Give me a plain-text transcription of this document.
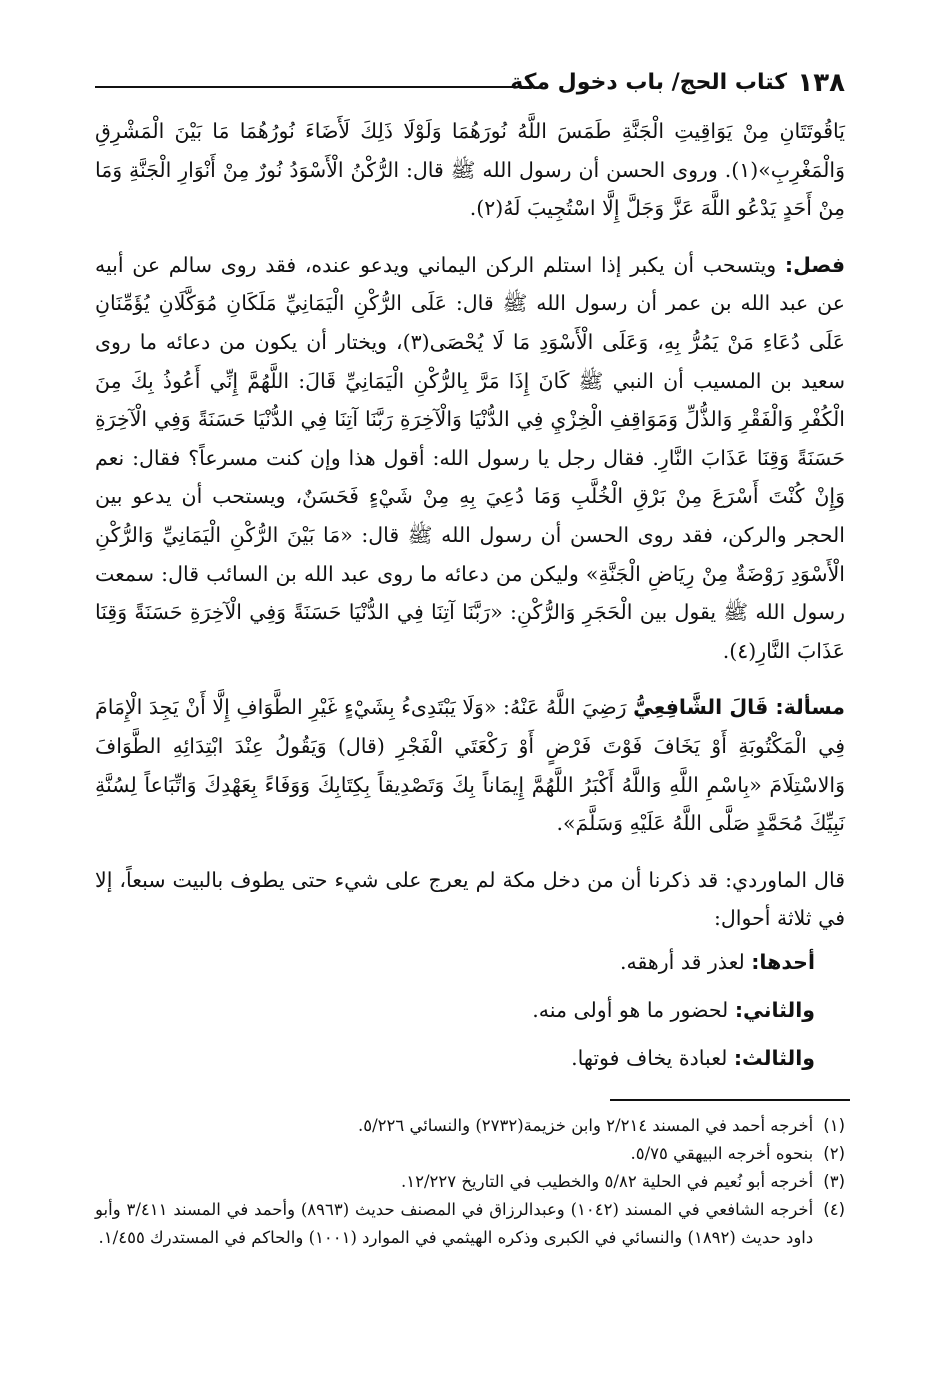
١٣٨
كتاب الحج/ باب دخول مكة

يَاقُوتَتَانِ مِنْ يَوَاقِيتِ الْجَنَّةِ طَمَسَ اللَّهُ نُورَهُمَا وَلَوْلَا ذَلِكَ لَأَضَاءَ نُورُهُمَا مَا بَيْنَ الْمَشْرِقِ وَالْمَغْرِبِ»(١). وروى الحسن أن رسول الله ﷺ قال: الرُّكْنُ الْأَسْوَدُ نُورٌ مِنْ أَنْوَارِ الْجَنَّةِ وَمَا مِنْ أَحَدٍ يَدْعُو اللَّهَ عَزَّ وَجَلَّ إِلَّا اسْتُجِيبَ لَهُ(٢).

فصل: ويتسحب أن يكبر إذا استلم الركن اليماني ويدعو عنده، فقد روى سالم عن أبيه عن عبد الله بن عمر أن رسول الله ﷺ قال: عَلَى الرُّكْنِ الْيَمَانِيِّ مَلَكَانِ مُوَكَّلَانِ يُؤَمِّنَانِ عَلَى دُعَاءِ مَنْ يَمُرُّ بِهِ، وَعَلَى الْأَسْوَدِ مَا لَا يُحْصَى(٣)، ويختار أن يكون من دعائه ما روى سعيد بن المسيب أن النبي ﷺ كَانَ إِذَا مَرَّ بِالرُّكْنِ الْيَمَانِيِّ قَالَ: اللَّهُمَّ إِنِّي أَعُوذُ بِكَ مِنَ الْكُفْرِ وَالْفَقْرِ وَالذُّلِّ وَمَوَاقِفِ الْخِزْيِ فِي الدُّنْيَا وَالْآخِرَةِ رَبَّنَا آتِنَا فِي الدُّنْيَا حَسَنَةً وَفِي الْآخِرَةِ حَسَنَةً وَقِنَا عَذَابَ النَّارِ. فقال رجل يا رسول الله: أقول هذا وإن كنت مسرعاً؟ فقال: نعم وَإِنْ كُنْتَ أَسْرَعَ مِنْ بَرْقِ الْخُلَّبِ وَمَا دُعِيَ بِهِ مِنْ شَيْءٍ فَحَسَنٌ، ويستحب أن يدعو بين الحجر والركن، فقد روى الحسن أن رسول الله ﷺ قال: «مَا بَيْنَ الرُّكْنِ الْيَمَانِيِّ وَالرُّكْنِ الْأَسْوَدِ رَوْضَةٌ مِنْ رِيَاضِ الْجَنَّةِ» وليكن من دعائه ما روى عبد الله بن السائب قال: سمعت رسول الله ﷺ يقول بين الْحَجَرِ وَالرُّكْنِ: «رَبَّنَا آتِنَا فِي الدُّنْيَا حَسَنَةً وَفِي الْآخِرَةِ حَسَنَةً وَقِنَا عَذَابَ النَّارِ(٤).

مسألة: قَالَ الشَّافِعِيُّ رَضِيَ اللَّهُ عَنْهُ: «وَلَا يَبْتَدِىءُ بِشَيْءٍ غَيْرِ الطَّوَافِ إِلَّا أَنْ يَجِدَ الْإِمَامَ فِي الْمَكْتُوبَةِ أَوْ يَخَافَ فَوْتَ فَرْضٍ أَوْ رَكْعَتَي الْفَجْرِ (قال) وَيَقُولُ عِنْدَ ابْتِدَائِهِ الطَّوَافَ وَالاسْتِلَامَ «بِاسْمِ اللَّهِ وَاللَّهُ أَكْبَرُ اللَّهُمَّ إِيمَاناً بِكَ وَتَصْدِيقاً بِكِتَابِكَ وَوَفَاءً بِعَهْدِكَ وَاتِّبَاعاً لِسُنَّةِ نَبِيِّكَ مُحَمَّدٍ صَلَّى اللَّهُ عَلَيْهِ وَسَلَّمَ».

قال الماوردي: قد ذكرنا أن من دخل مكة لم يعرج على شيء حتى يطوف بالبيت سبعاً، إلا في ثلاثة أحوال:

أحدها: لعذر قد أرهقه.
والثاني: لحضور ما هو أولى منه.
والثالث: لعبادة يخاف فوتها.

(١)
أخرجه أحمد في المسند ٢/٢١٤ وابن خزيمة(٢٧٣٢) والنسائي ٥/٢٢٦.

(٢)
بنحوه أخرجه البيهقي ٥/٧٥.

(٣)
أخرجه أبو نُعيم في الحلية ٥/٨٢ والخطيب في التاريخ ١٢/٢٢٧.

(٤)
أخرجه الشافعي في المسند (١٠٤٢) وعبدالرزاق في المصنف حديث (٨٩٦٣) وأحمد في المسند ٣/٤١١ وأبو داود حديث (١٨٩٢) والنسائي في الكبرى وذكره الهيثمي في الموارد (١٠٠١) والحاكم في المستدرك ١/٤٥٥.
